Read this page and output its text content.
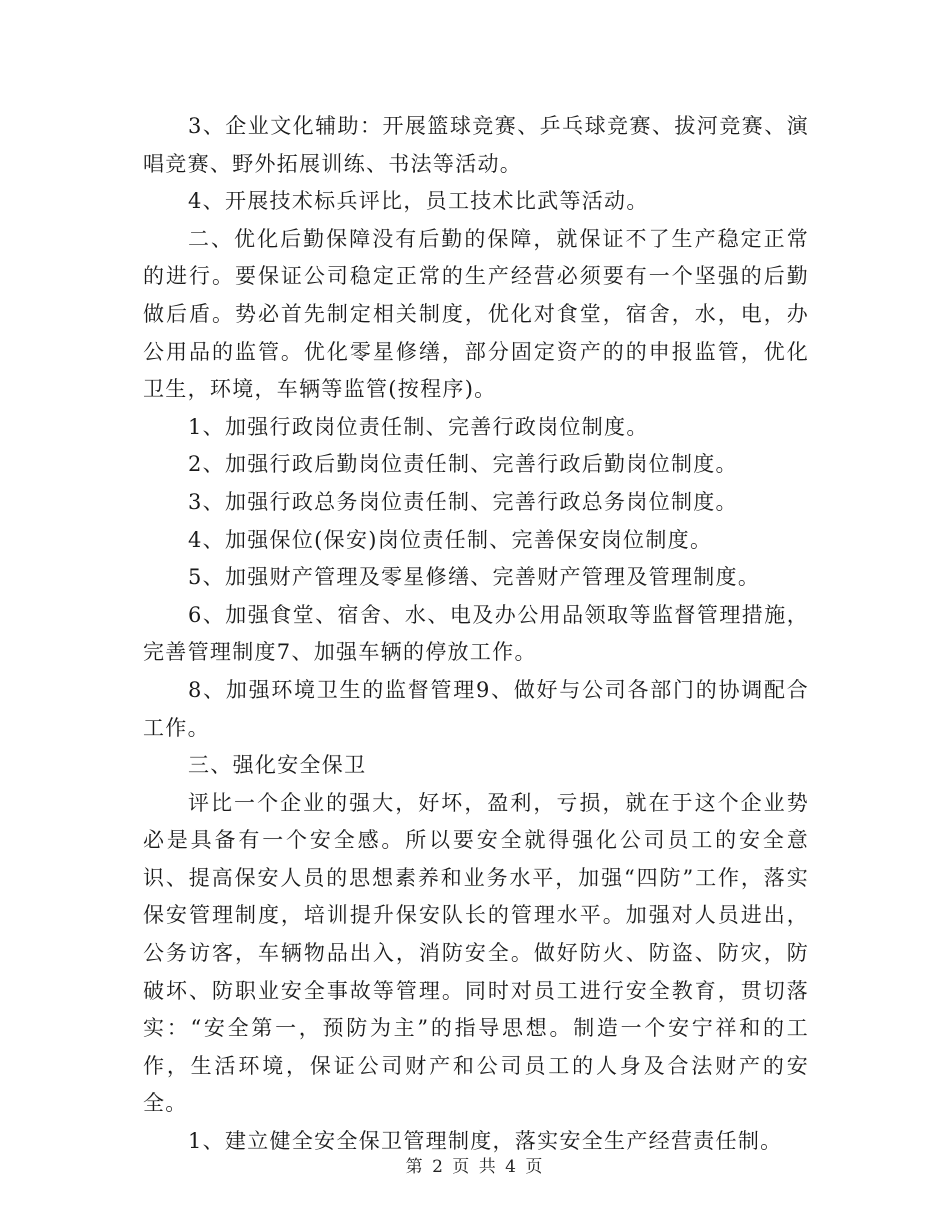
3、企业文化辅助：开展篮球竞赛、乒乓球竞赛、拔河竞赛、演唱竞赛、野外拓展训练、书法等活动。

4、开展技术标兵评比，员工技术比武等活动。

二、优化后勤保障没有后勤的保障，就保证不了生产稳定正常的进行。要保证公司稳定正常的生产经营必须要有一个坚强的后勤做后盾。势必首先制定相关制度，优化对食堂，宿舍，水，电，办公用品的监管。优化零星修缮，部分固定资产的的申报监管，优化卫生，环境，车辆等监管(按程序)。

1、加强行政岗位责任制、完善行政岗位制度。

2、加强行政后勤岗位责任制、完善行政后勤岗位制度。

3、加强行政总务岗位责任制、完善行政总务岗位制度。

4、加强保位(保安)岗位责任制、完善保安岗位制度。

5、加强财产管理及零星修缮、完善财产管理及管理制度。

6、加强食堂、宿舍、水、电及办公用品领取等监督管理措施，完善管理制度7、加强车辆的停放工作。

8、加强环境卫生的监督管理9、做好与公司各部门的协调配合工作。

三、强化安全保卫

评比一个企业的强大，好坏，盈利，亏损，就在于这个企业势必是具备有一个安全感。所以要安全就得强化公司员工的安全意识、提高保安人员的思想素养和业务水平，加强“四防”工作，落实保安管理制度，培训提升保安队长的管理水平。加强对人员进出，公务访客，车辆物品出入，消防安全。做好防火、防盗、防灾，防破坏、防职业安全事故等管理。同时对员工进行安全教育，贯切落实：“安全第一，预防为主”的指导思想。制造一个安宁祥和的工作，生活环境，保证公司财产和公司员工的人身及合法财产的安全。

1、建立健全安全保卫管理制度，落实安全生产经营责任制。

第 2 页 共 4 页
